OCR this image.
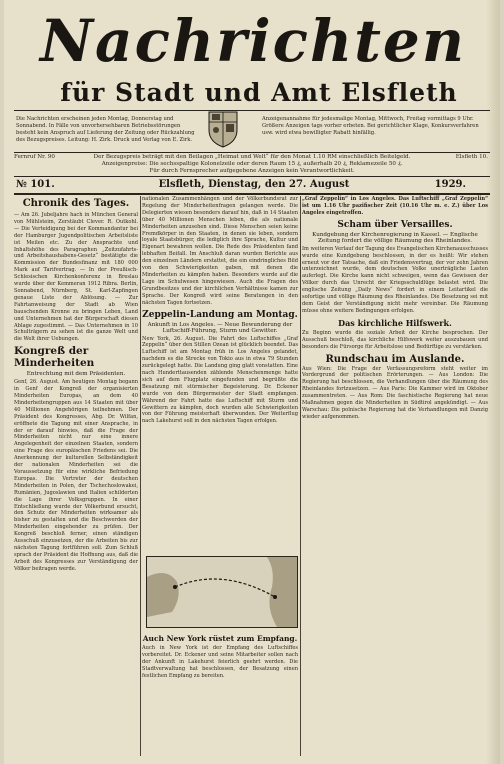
Nachrichten
für Stadt und Amt Elsfleth
Die Nachrichten erscheinen jeden Montag, Donnerstag und Sonnabend. In Fälle von unvorhersehbaren Betriebsstörungen besteht kein Anspruch auf Lieferung der Zeitung oder Rückzahlung des Bezugspreises. Leitung: H. Zirk. Druck und Verlag von E. Zirk.
Anzeigenannahme für jedesmalige Montag, Mittwoch, Freitag vormittags 9 Uhr. Größere Anzeigen tags vorher erbeten. Bei gerichtlicher Klage, Konkursverfahren usw. wird etwa bewilligter Rabatt hinfällig.
Fernruf Nr. 90	Der Bezugspreis beträgt mit den Beilagen „Heimat und Welt“ für den Monat 1.10 RM einschließlich Beitelgeld.
Anzeigenpreise: Die sechsspaltige Kolonelzeile oder deren Raum 15 ₰, außerhalb 20 ₰, Reklamezeile 50 ₰.
Für durch Fernsprecher aufgegebene Anzeigen kein Verantwortlichkeit.
Elsfleth 10.
№ 101.	Elsfleth, Dienstag, den 27. August	1929.
Chronik des Tages.
— Am 26. Jubeljahre hach in München General von Mühlsteim, Zerstäubt Clever. R. Outkohl. — Die Verteidigung bei der Kommandantur bei der Hamburger Jugendpolitischen Arbeitsliste ist Meilen etc. Zu der Ansprachte und Inhaltshöhe des Paragraphen „Zeitzufahrts- und Arbeitshaushabens-Gesetz“ bestätigte die Kommission der Bundesfinanz mit 180 000 Mark auf Tarifvertrag. — In der Preußisch-Schlesischen Kirchenkonferenz in Breslau wurde über der Kemmeran 1912 Ribra. Berlin, Sonnabend, Nürnberg, St. Karl-Zapfingen genaue Liste der Ablösung. — Zur Fahrtanweisung der Stadt ab Wien bauschenden Kronne zu bringen Leben, Land und Unternehmen hat der Bürgerschaft diesen Ablage zugestimmt. — Das Unternehmen in 10 Schulträgern zu sehen ist die ganze Welt und die Welt ihrer Uebungen.
Kongreß der Minderheiten
Entrechtung mit dem Präsidenten.
Genf, 26. August. Am heutigen Montag begann in Genf der Kongreß der organisierten Minderheiten Europas, an dem 40 Minderheitengruppen aus 14 Staaten mit über 40 Millionen Angehörigen teilnehmen. Der Präsident des Kongresses, Abg. Dr. Wilfan, eröffnete die Tagung mit einer Ansprache, in der er darauf hinwies, daß die Frage der Minderheiten nicht nur eine innere Angelegenheit der einzelnen Staaten, sondern eine Frage des europäischen Friedens sei. Die Anerkennung der kulturellen Selbständigkeit der nationalen Minderheiten sei die Voraussetzung für eine wirkliche Befriedung Europas. Die Vertreter der deutschen Minderheiten in Polen, der Tschechoslowakei, Rumänien, Jugoslawien und Italien schilderten die Lage ihrer Volksgruppen. In einer Entschließung wurde der Völkerbund ersucht, den Schutz der Minderheiten wirksamer als bisher zu gestalten und die Beschwerden der Minderheiten eingehender zu prüfen. Der Kongreß beschloß ferner, einen ständigen Ausschuß einzusetzen, der die Arbeiten bis zur nächsten Tagung fortführen soll. Zum Schluß sprach der Präsident die Hoffnung aus, daß die Arbeit des Kongresses zur Verständigung der Völker beitragen werde.
nationalen Zusammenhängen und der Völkerbundsrat zur Regelung der Minderheitenfragen gelangen werde. Die Delegierten wiesen besonders darauf hin, daß in 14 Staaten über 40 Millionen Menschen leben, die als nationale Minderheiten anzusehen sind. Diese Menschen seien keine Fremdkörper in den Staaten, in denen sie leben, sondern loyale Staatsbürger, die lediglich ihre Sprache, Kultur und Eigenart bewahren wollen. Die Rede des Präsidenten fand lebhaften Beifall. Im Anschluß daran wurden Berichte aus den einzelnen Ländern erstattet, die ein eindringliches Bild von den Schwierigkeiten gaben, mit denen die Minderheiten zu kämpfen haben. Besonders wurde auf die Lage im Schulwesen hingewiesen. Auch die Fragen des Grundbesitzes und der kirchlichen Verhältnisse kamen zur Sprache. Der Kongreß wird seine Beratungen in den nächsten Tagen fortsetzen.
Zeppelin-Landung am Montag.
Ankunft in Los Angeles. — Neue Bewunderung der Luftschiff-Führung, Sturm und Gewitter.
New York, 26. August. Die Fahrt des Luftschiffes „Graf Zeppelin“ über den Stillen Ozean ist glücklich beendet. Das Luftschiff ist am Montag früh in Los Angeles gelandet, nachdem es die Strecke von Tokio aus in etwa 79 Stunden zurückgelegt hatte. Die Landung ging glatt vonstatten. Eine nach Hunderttausenden zählende Menschenmenge hatte sich auf dem Flugplatz eingefunden und begrüßte die Besatzung mit stürmischer Begeisterung. Dr. Eckener wurde von dem Bürgermeister der Stadt empfangen. Während der Fahrt hatte das Luftschiff mit Sturm und Gewittern zu kämpfen, doch wurden alle Schwierigkeiten von der Führung meisterhaft überwunden. Der Weiterflug nach Lakehurst soll in den nächsten Tagen erfolgen.
Auch New York rüstet zum Empfang.
Auch in New York ist der Empfang des Luftschiffes vorbereitet. Dr. Eckener und seine Mitarbeiter sollen nach der Ankunft in Lakehurst feierlich geehrt werden. Die Stadtverwaltung hat beschlossen, der Besatzung einen festlichen Empfang zu bereiten.
„Graf Zeppelin“ in Los Angeles. Das Luftschiff „Graf Zeppelin“ ist um 1.16 Uhr pazifischer Zeit (10.16 Uhr m. e. Z.) über Los Angeles eingetroffen.
Scham über Versailles.
Kundgebung der Kirchenregierung in Kassel. — Englische Zeitung fordert die völlige Räumung des Rheinlandes.
Im weiteren Verlauf der Tagung des Evangelischen Kirchenausschusses wurde eine Kundgebung beschlossen, in der es heißt: Wir stehen erneut vor der Tatsache, daß ein Friedensvertrag, der vor zehn Jahren unterzeichnet wurde, dem deutschen Volke unerträgliche Lasten auferlegt. Die Kirche kann nicht schweigen, wenn das Gewissen der Völker durch das Unrecht der Kriegsschuldlüge belastet wird. Die englische Zeitung „Daily News“ fordert in einem Leitartikel die sofortige und völlige Räumung des Rheinlandes. Die Besetzung sei mit dem Geist der Verständigung nicht mehr vereinbar. Die Räumung müsse ohne weitere Bedingungen erfolgen.
Das kirchliche Hilfswerk.
Zu Beginn wurde die soziale Arbeit der Kirche besprochen. Der Ausschuß beschloß, das kirchliche Hilfswerk weiter auszubauen und besonders die Fürsorge für Arbeitslose und Bedürftige zu verstärken.
Rundschau im Auslande.
Aus Wien: Die Frage der Verfassungsreform steht weiter im Vordergrund der politischen Erörterungen. — Aus London: Die Regierung hat beschlossen, die Verhandlungen über die Räumung des Rheinlandes fortzusetzen. — Aus Paris: Die Kammer wird im Oktober zusammentreten. — Aus Rom: Die faschistische Regierung hat neue Maßnahmen gegen die Minderheiten in Südtirol angekündigt. — Aus Warschau: Die polnische Regierung hat die Verhandlungen mit Danzig wieder aufgenommen.
